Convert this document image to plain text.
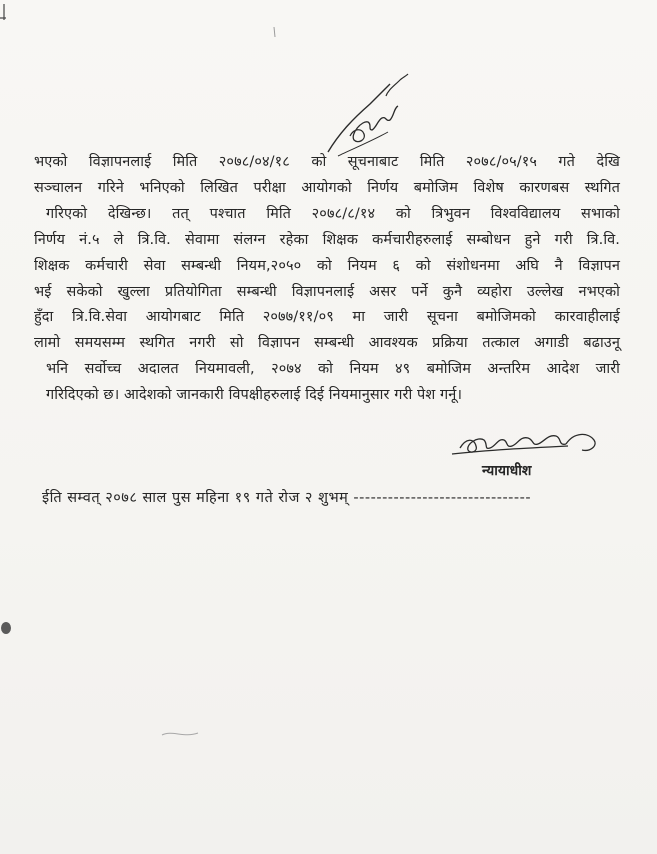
भएको विज्ञापनलाई मिति २०७८/०४/१८ को सूचनाबाट मिति २०७८/०५/१५ गते देखि
सञ्चालन गरिने भनिएको लिखित परीक्षा आयोगको निर्णय बमोजिम विशेष कारणबस स्थगित
गरिएको देखिन्छ। तत् पश्चात मिति २०७८/८/१४ को त्रिभुवन विश्वविद्यालय सभाको
निर्णय नं.५ ले त्रि.वि. सेवामा संलग्न रहेका शिक्षक कर्मचारीहरुलाई सम्बोधन हुने गरी त्रि.वि.
शिक्षक कर्मचारी सेवा सम्बन्धी नियम,२०५० को नियम ६ को संशोधनमा अघि नै विज्ञापन
भई सकेको खुल्ला प्रतियोगिता सम्बन्धी विज्ञापनलाई असर पर्ने कुनै व्यहोरा उल्लेख नभएको
हुँदा त्रि.वि.सेवा आयोगबाट मिति २०७७/११/०९ मा जारी सूचना बमोजिमको कारवाहीलाई
लामो समयसम्म स्थगित नगरी सो विज्ञापन सम्बन्धी आवश्यक प्रक्रिया तत्काल अगाडी बढाउनू
भनि सर्वोच्च अदालत नियमावली, २०७४ को नियम ४९ बमोजिम अन्तरिम आदेश जारी
गरिदिएको छ। आदेशको जानकारी विपक्षीहरुलाई दिई नियमानुसार गरी पेश गर्नू।
न्यायाधीश
ईति सम्वत् २०७८ साल पुस महिना १९ गते रोज २ शुभम् -------------------------------
